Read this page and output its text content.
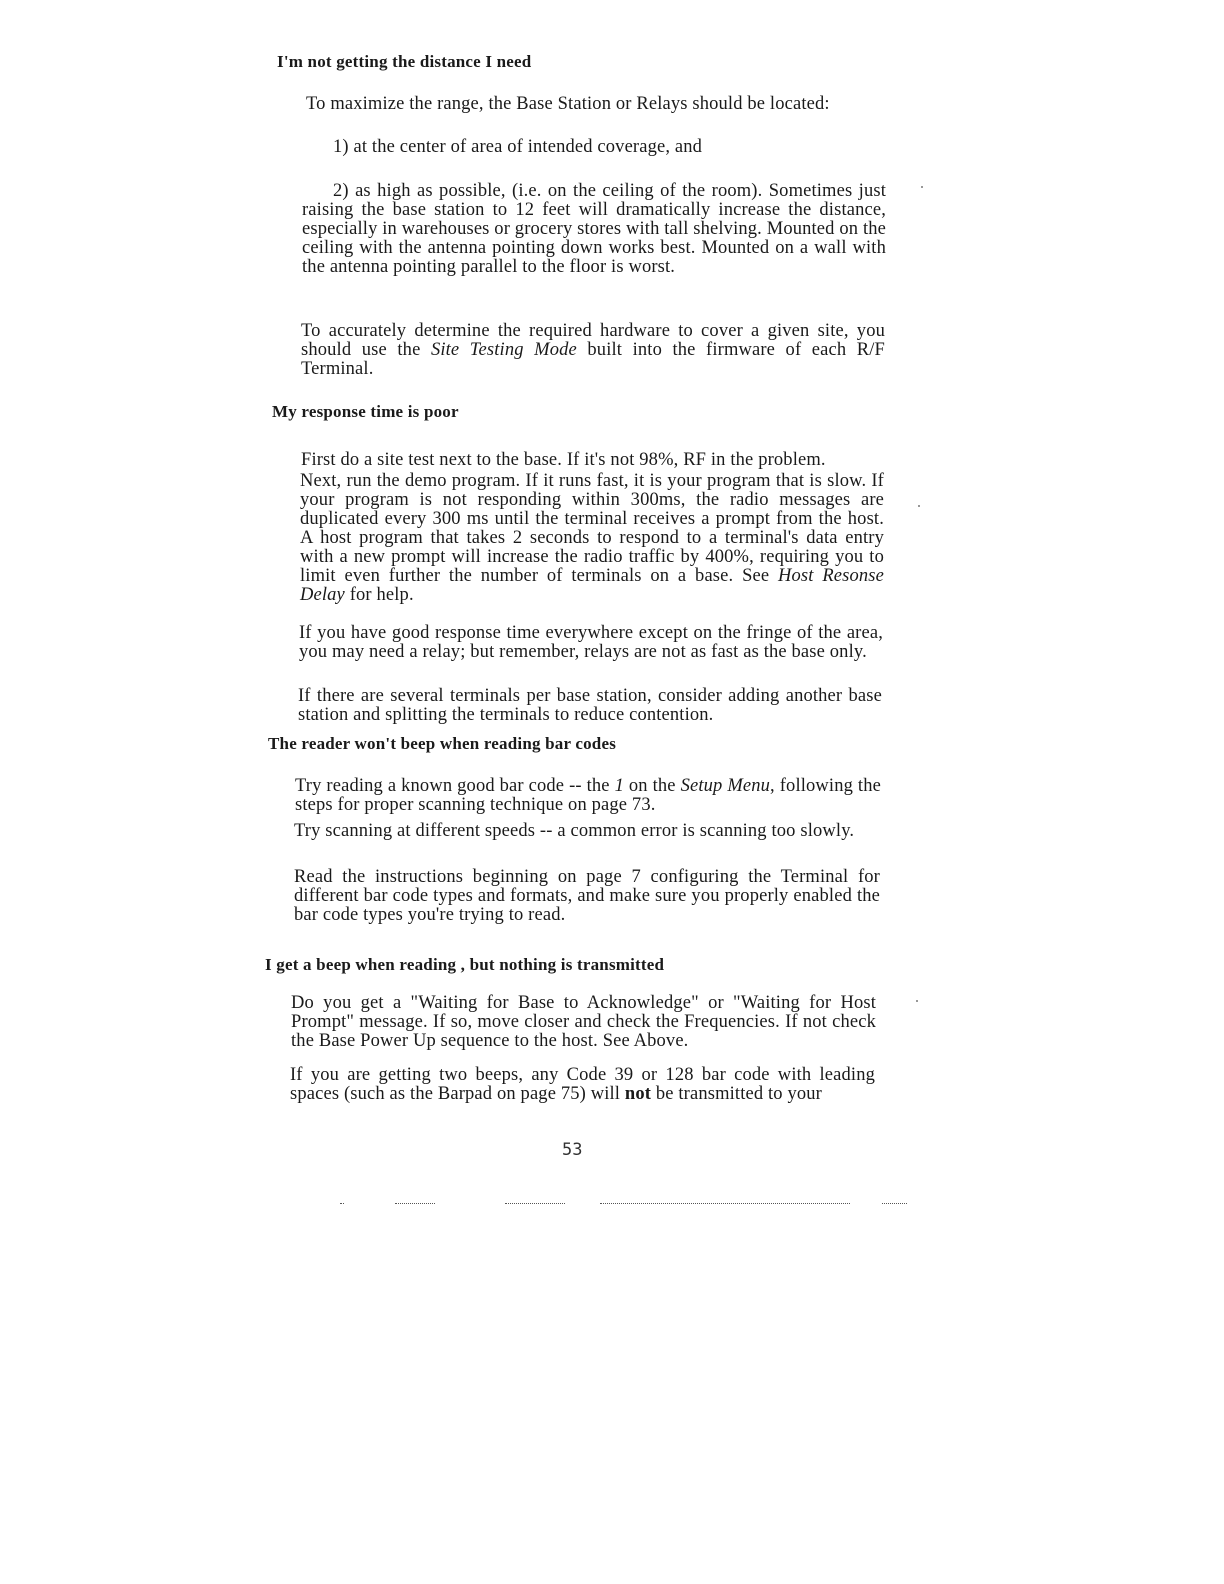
I'm not getting the distance I need

To maximize the range, the Base Station or Relays should be located:

1) at the center of area of intended coverage, and

2) as high as possible, (i.e. on the ceiling of the room). Sometimes just raising the base station to 12 feet will dramatically increase the distance, especially in warehouses or grocery stores with tall shelving. Mounted on the ceiling with the antenna pointing down works best. Mounted on a wall with the antenna pointing parallel to the floor is worst.

To accurately determine the required hardware to cover a given site, you should use the Site Testing Mode built into the firmware of each R/F Terminal.

My response time is poor

First do a site test next to the base. If it's not 98%, RF in the problem.

Next, run the demo program. If it runs fast, it is your program that is slow. If your program is not responding within 300ms, the radio messages are duplicated every 300 ms until the terminal receives a prompt from the host. A host program that takes 2 seconds to respond to a terminal's data entry with a new prompt will increase the radio traffic by 400%, requiring you to limit even further the number of terminals on a base. See Host Resonse Delay for help.

If you have good response time everywhere except on the fringe of the area, you may need a relay; but remember, relays are not as fast as the base only.

If there are several terminals per base station, consider adding another base station and splitting the terminals to reduce contention.

The reader won't beep when reading bar codes

Try reading a known good bar code -- the 1 on the Setup Menu, following the steps for proper scanning technique on page 73.

Try scanning at different speeds -- a common error is scanning too slowly.

Read the instructions beginning on page 7 configuring the Terminal for different bar code types and formats, and make sure you properly enabled the bar code types you're trying to read.

I get a beep when reading , but nothing is transmitted

Do you get a "Waiting for Base to Acknowledge" or "Waiting for Host Prompt" message. If so, move closer and check the Frequencies. If not check the Base Power Up sequence to the host. See Above.

If you are getting two beeps, any Code 39 or 128 bar code with leading spaces (such as the Barpad on page 75) will not be transmitted to your

53
